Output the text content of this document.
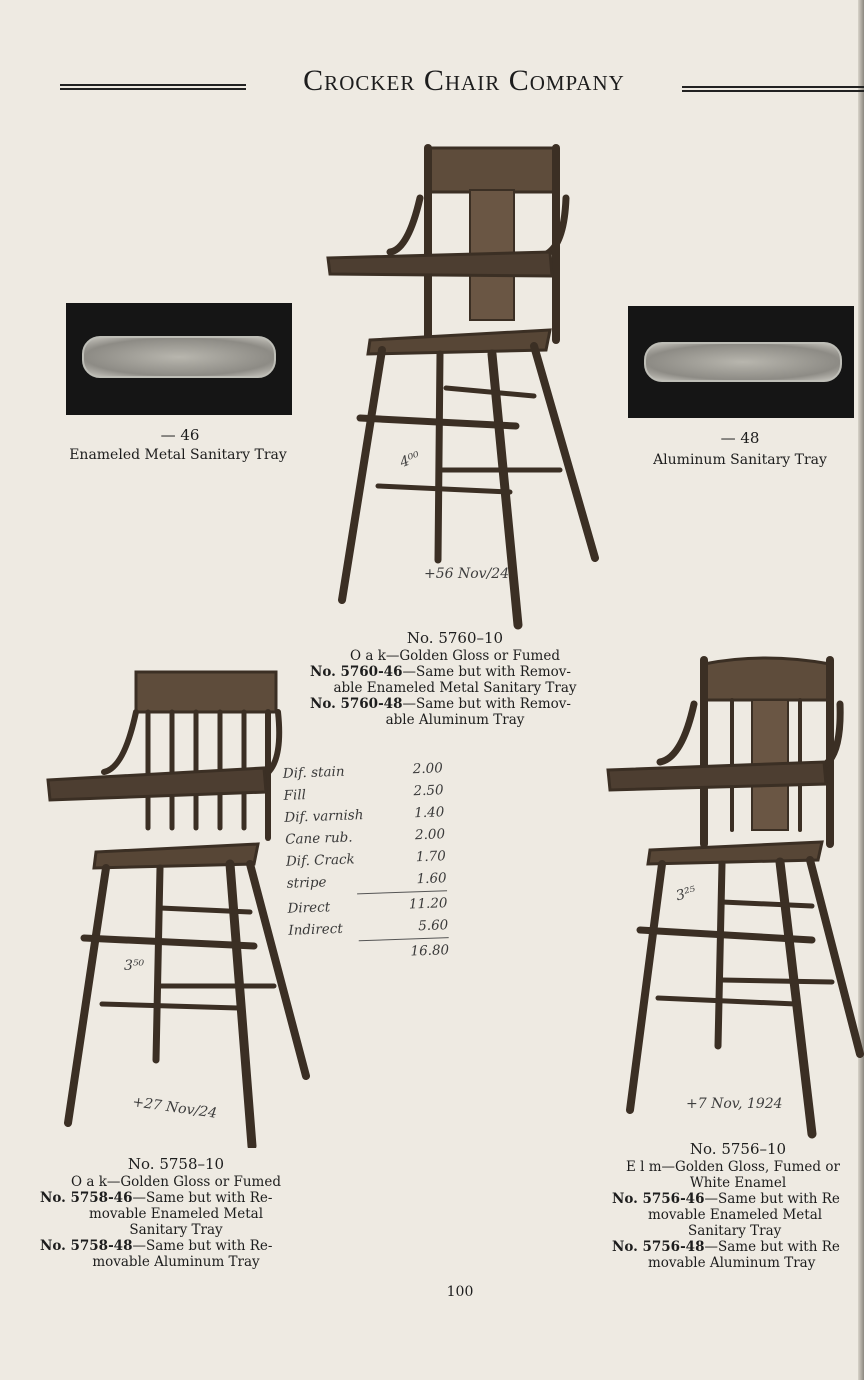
Crocker Chair Company
— 46
Enameled Metal Sanitary Tray
— 48
Aluminum Sanitary Tray
4⁰⁰
+56 Nov/24
No. 5760–10
O a k—Golden Gloss or Fumed
No. 5760-46—Same but with Remov-
able Enameled Metal Sanitary Tray
No. 5760-48—Same but with Remov-
able Aluminum Tray
3⁵⁰
+27 Nov/24
No. 5758–10
O a k—Golden Gloss or Fumed
No. 5758-46—Same but with Re-
movable Enameled Metal
Sanitary Tray
No. 5758-48—Same but with Re-
movable Aluminum Tray
Dif. stain	2.00
Fill	2.50
Dif. varnish	1.40
Cane rub.	2.00
Dif. Crack	1.70
stripe	1.60
Direct	11.20
Indirect	5.60
16.80
3²⁵
+7 Nov, 1924
No. 5756–10
E l m—Golden Gloss, Fumed or
White Enamel
No. 5756-46—Same but with Re
movable Enameled Metal
Sanitary Tray
No. 5756-48—Same but with Re
movable Aluminum Tray
100
